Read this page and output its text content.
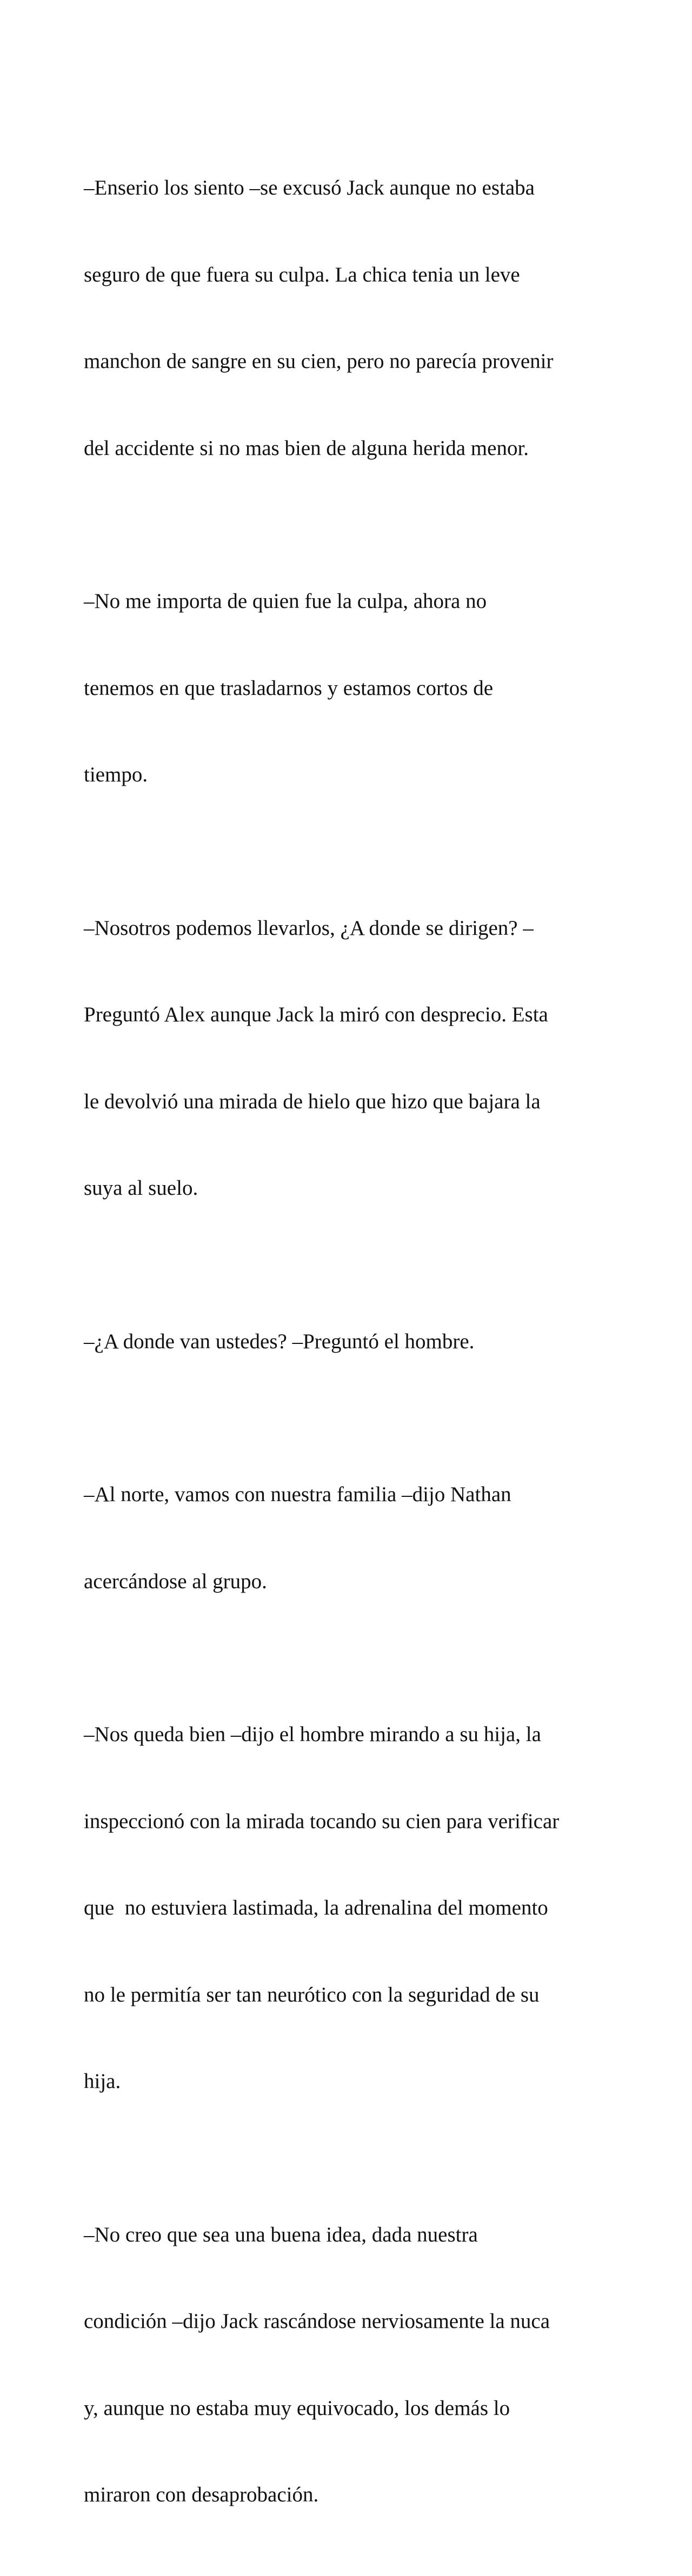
–Enserio los siento –se excusó Jack aunque no estaba

seguro de que fuera su culpa. La chica tenia un leve

manchon de sangre en su cien, pero no parecía provenir

del accidente si no mas bien de alguna herida menor.

–No me importa de quien fue la culpa, ahora no

tenemos en que trasladarnos y estamos cortos de

tiempo.

–Nosotros podemos llevarlos, ¿A donde se dirigen? –

Preguntó Alex aunque Jack la miró con desprecio. Esta

le devolvió una mirada de hielo que hizo que bajara la

suya al suelo.

–¿A donde van ustedes? –Preguntó el hombre.

–Al norte, vamos con nuestra familia –dijo Nathan

acercándose al grupo.

–Nos queda bien –dijo el hombre mirando a su hija, la

inspeccionó con la mirada tocando su cien para verificar

que  no estuviera lastimada, la adrenalina del momento

no le permitía ser tan neurótico con la seguridad de su

hija.

–No creo que sea una buena idea, dada nuestra

condición –dijo Jack rascándose nerviosamente la nuca

y, aunque no estaba muy equivocado, los demás lo

miraron con desaprobación.
